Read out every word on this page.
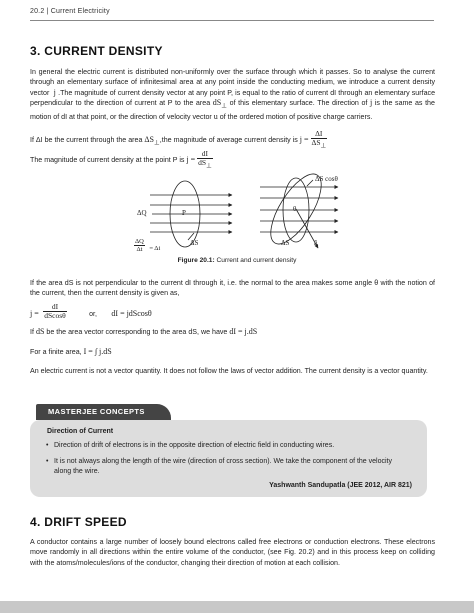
20.2 | Current Electricity
3. CURRENT DENSITY

In general the electric current is distributed non-uniformly over the surface through which it passes. So to analyse the current through an elementary surface of infinitesimal area at any point inside the conducting medium, we introduce a current density vector j .The magnitude of current density vector at any point P, is equal to the ratio of current dI through an elementary surface perpendicular to the direction of current at P to the area $dS_\perp$ of this elementary surface. The direction of j is the same as the motion of dI at that point, or the direction of velocity vector u of the ordered motion of positive charge carriers.

If ΔI be the current through the area $\Delta S_\perp,the$ magnitude of average current density is $j = \frac{\Delta I}{\Delta S_\perp}$

The magnitude of current density at the point P is $j = \frac{dI}{dS_\perp}$

ΔQ	P
ΔS
$\frac{\Delta Q}{\Delta t} = \Delta i$
ΔS cosθ
θ
ΔS	n̂
Figure 20.1: Current and current density

If the area dS is not perpendicular to the current dI through it, i.e. the normal to the area makes some angle θ with the notion of the current, then the current density is given as,

$j = \frac{dI}{dScos\theta}$	or, dI = jdScosθ

If dS be the area vector corresponding to the area dS, we have dI = j.dS

For a finite area, I = ∫ j.dS

An electric current is not a vector quantity. It does not follow the laws of vector addition. The current density is a vector quantity.

MASTERJEE CONCEPTS
Direction of Current
• Direction of drift of electrons is in the opposite direction of electric field in conducting wires.
• It is not always along the length of the wire (direction of cross section). We take the component of the velocity along the wire.
Yashwanth Sandupatla (JEE 2012, AIR 821)
4. DRIFT SPEED

A conductor contains a large number of loosely bound electrons called free electrons or conduction electrons. These electrons move randomly in all directions within the entire volume of the conductor, (see Fig. 20.2) and in this process keep on colliding with the atoms/molecules/ions of the conductor, changing their direction of motion at each collision.
